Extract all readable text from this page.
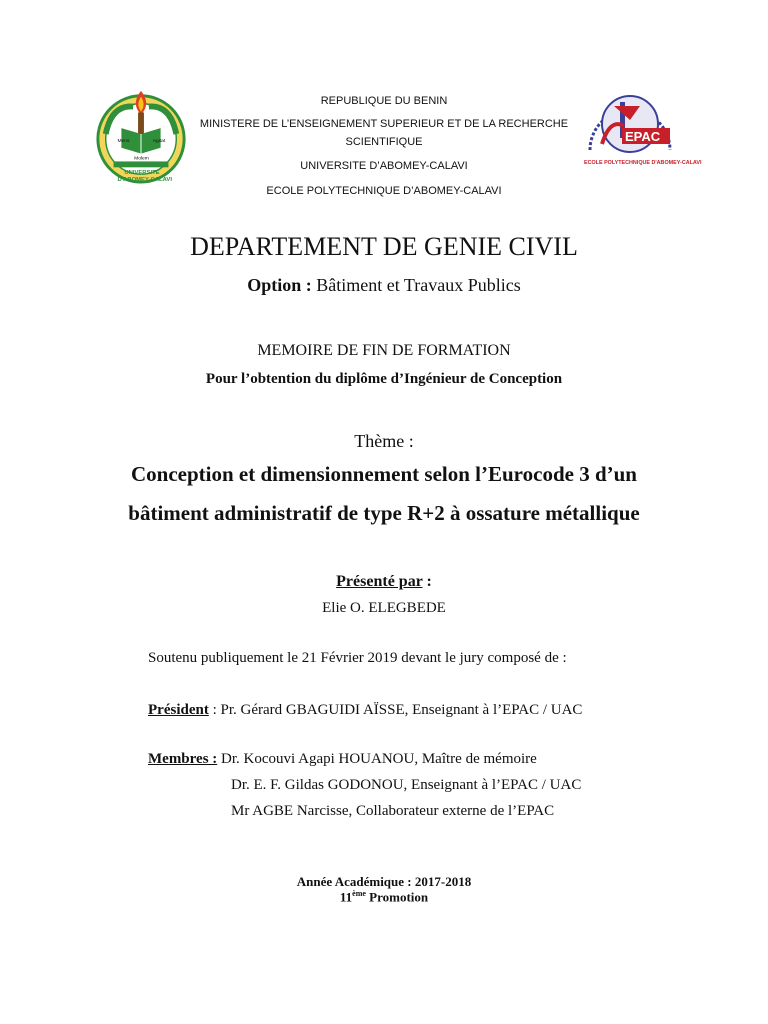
REPUBLIQUE DU BENIN
MINISTERE DE L’ENSEIGNEMENT SUPERIEUR ET DE LA RECHERCHE
SCIENTIFIQUE
UNIVERSITE D’ABOMEY-CALAVI
ECOLE POLYTECHNIQUE D’ABOMEY-CALAVI
Mens	Agitat
Molem
UNIVERSITE
D'ABOMEY-CALAVI
EPAC
ECOLE POLYTECHNIQUE D'ABOMEY-CALAVI
DEPARTEMENT DE GENIE CIVIL
Option : Bâtiment et Travaux Publics
MEMOIRE DE FIN DE FORMATION
Pour l’obtention du diplôme d’Ingénieur de Conception
Thème :
Conception et dimensionnement selon l’Eurocode 3 d’un
bâtiment administratif de type R+2 à ossature métallique
Présenté par :
Elie O. ELEGBEDE
Soutenu publiquement le 21 Février 2019 devant le jury composé de :
Président : Pr. Gérard GBAGUIDI AÏSSE, Enseignant à l’EPAC / UAC
Membres : Dr. Kocouvi Agapi HOUANOU, Maître de mémoire
Dr. E. F. Gildas GODONOU, Enseignant à l’EPAC / UAC
Mr AGBE Narcisse, Collaborateur externe de l’EPAC
Année Académique : 2017-2018
11ème Promotion
